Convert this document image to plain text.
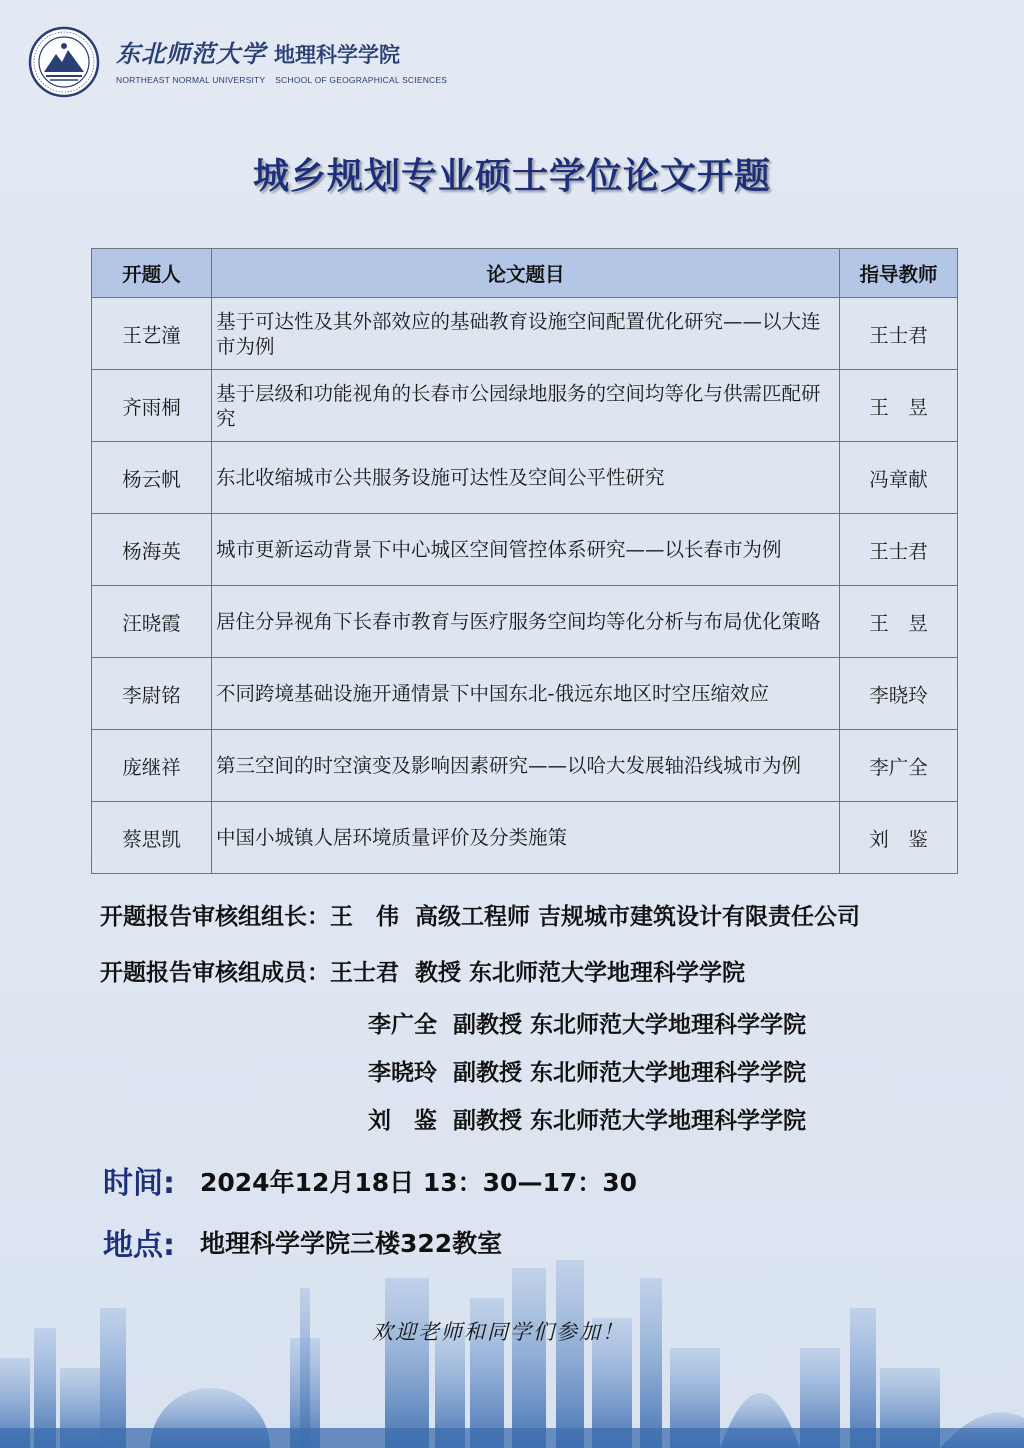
东北师范大学 地理科学学院
NORTHEAST NORMAL UNIVERSITY SCHOOL OF GEOGRAPHICAL SCIENCES
城乡规划专业硕士学位论文开题
开题人	论文题目	指导教师
王艺潼	基于可达性及其外部效应的基础教育设施空间配置优化研究——以大连市为例	王士君
齐雨桐	基于层级和功能视角的长春市公园绿地服务的空间均等化与供需匹配研究	王　昱
杨云帆	东北收缩城市公共服务设施可达性及空间公平性研究	冯章献
杨海英	城市更新运动背景下中心城区空间管控体系研究——以长春市为例	王士君
汪晓霞	居住分异视角下长春市教育与医疗服务空间均等化分析与布局优化策略	王　昱
李尉铭	不同跨境基础设施开通情景下中国东北-俄远东地区时空压缩效应	李晓玲
庞继祥	第三空间的时空演变及影响因素研究——以哈大发展轴沿线城市为例	李广全
蔡思凯	中国小城镇人居环境质量评价及分类施策	刘　鉴
开题报告审核组组长：王　伟  高级工程师 吉规城市建筑设计有限责任公司
开题报告审核组成员：王士君  教授 东北师范大学地理科学学院
李广全  副教授 东北师范大学地理科学学院
李晓玲  副教授 东北师范大学地理科学学院
刘　鉴  副教授 东北师范大学地理科学学院
时间: 2024年12月18日 13：30—17：30
地点: 地理科学学院三楼322教室
欢迎老师和同学们参加！
